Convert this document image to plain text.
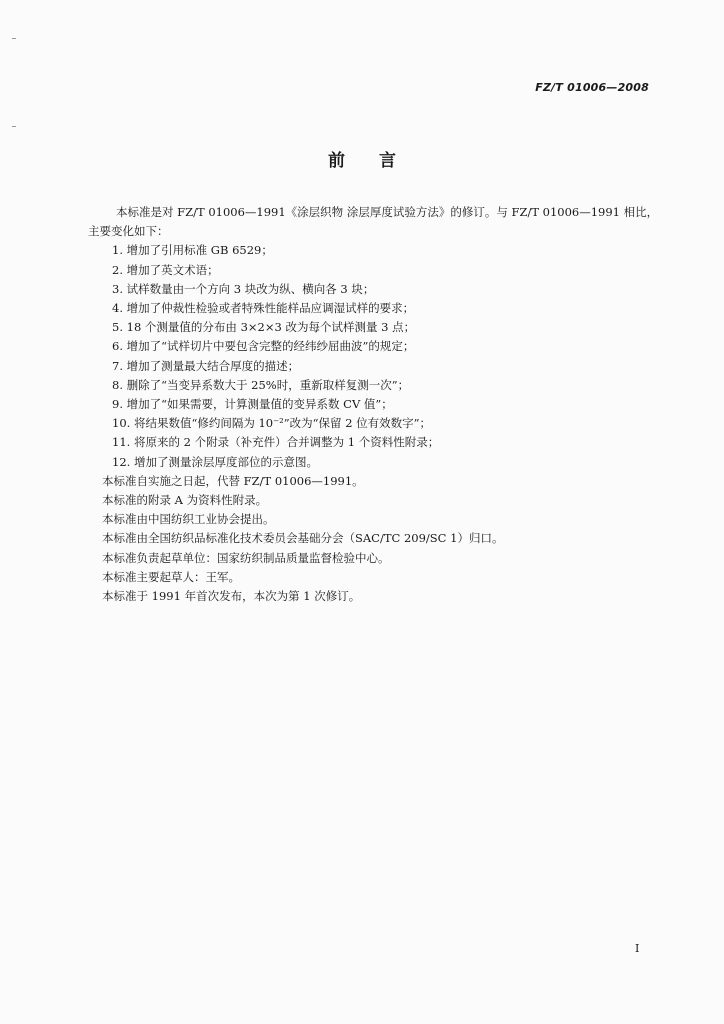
FZ/T 01006—2008
前言

本标准是对 FZ/T 01006—1991《涂层织物 涂层厚度试验方法》的修订。与 FZ/T 01006—1991 相比，主要变化如下：

1. 增加了引用标准 GB 6529；

2. 增加了英文术语；

3. 试样数量由一个方向 3 块改为纵、横向各 3 块；

4. 增加了仲裁性检验或者特殊性能样品应调湿试样的要求；

5. 18 个测量值的分布由 3×2×3 改为每个试样测量 3 点；

6. 增加了“试样切片中要包含完整的经纬纱屈曲波”的规定；

7. 增加了测量最大结合厚度的描述；

8. 删除了“当变异系数大于 25%时，重新取样复测一次”；

9. 增加了“如果需要，计算测量值的变异系数 CV 值”；

10. 将结果数值“修约间隔为 10⁻²”改为“保留 2 位有效数字”；

11. 将原来的 2 个附录（补充件）合并调整为 1 个资料性附录；

12. 增加了测量涂层厚度部位的示意图。

本标准自实施之日起，代替 FZ/T 01006—1991。

本标准的附录 A 为资料性附录。

本标准由中国纺织工业协会提出。

本标准由全国纺织品标准化技术委员会基础分会（SAC/TC 209/SC 1）归口。

本标准负责起草单位：国家纺织制品质量监督检验中心。

本标准主要起草人：王军。

本标准于 1991 年首次发布，本次为第 1 次修订。

I
